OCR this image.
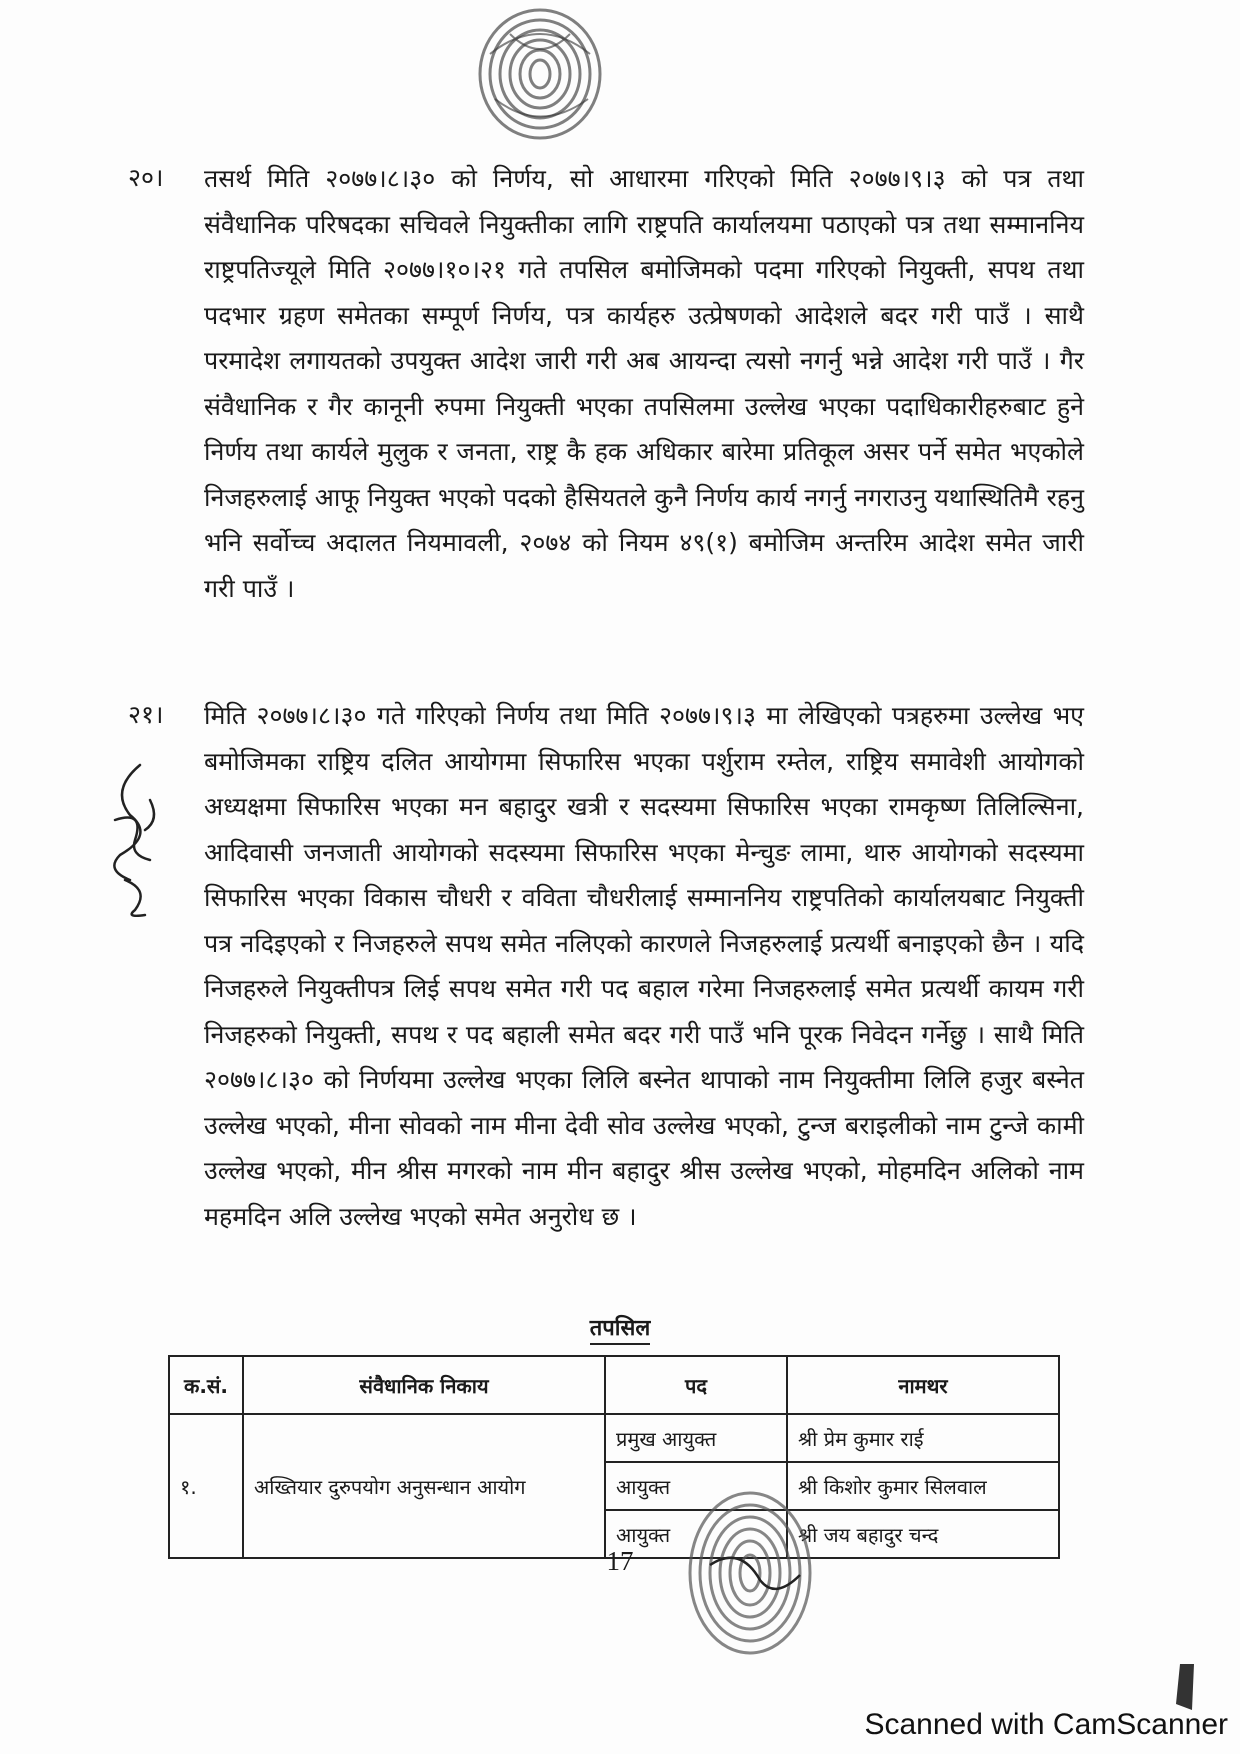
२०। तसर्थ मिति २०७७।८।३० को निर्णय, सो आधारमा गरिएको मिति २०७७।९।३ को पत्र तथा संवैधानिक परिषदका सचिवले नियुक्तीका लागि राष्ट्रपति कार्यालयमा पठाएको पत्र तथा सम्माननिय राष्ट्रपतिज्यूले मिति २०७७।१०।२१ गते तपसिल बमोजिमको पदमा गरिएको नियुक्ती, सपथ तथा पदभार ग्रहण समेतका सम्पूर्ण निर्णय, पत्र कार्यहरु उत्प्रेषणको आदेशले बदर गरी पाउँ । साथै परमादेश लगायतको उपयुक्त आदेश जारी गरी अब आयन्दा त्यसो नगर्नु भन्ने आदेश गरी पाउँ । गैर संवैधानिक र गैर कानूनी रुपमा नियुक्ती भएका तपसिलमा उल्लेख भएका पदाधिकारीहरुबाट हुने निर्णय तथा कार्यले मुलुक र जनता, राष्ट्र कै हक अधिकार बारेमा प्रतिकूल असर पर्ने समेत भएकोले निजहरुलाई आफू नियुक्त भएको पदको हैसियतले कुनै निर्णय कार्य नगर्नु नगराउनु यथास्थितिमै रहनु भनि सर्वोच्च अदालत नियमावली, २०७४ को नियम ४९(१) बमोजिम अन्तरिम आदेश समेत जारी गरी पाउँ ।
२१। मिति २०७७।८।३० गते गरिएको निर्णय तथा मिति २०७७।९।३ मा लेखिएको पत्रहरुमा उल्लेख भए बमोजिमका राष्ट्रिय दलित आयोगमा सिफारिस भएका पर्शुराम रम्तेल, राष्ट्रिय समावेशी आयोगको अध्यक्षमा सिफारिस भएका मन बहादुर खत्री र सदस्यमा सिफारिस भएका रामकृष्ण तिलिल्सिना, आदिवासी जनजाती आयोगको सदस्यमा सिफारिस भएका मेन्चुङ लामा, थारु आयोगको सदस्यमा सिफारिस भएका विकास चौधरी र वविता चौधरीलाई सम्माननिय राष्ट्रपतिको कार्यालयबाट नियुक्ती पत्र नदिइएको र निजहरुले सपथ समेत नलिएको कारणले निजहरुलाई प्रत्यर्थी बनाइएको छैन । यदि निजहरुले नियुक्तीपत्र लिई सपथ समेत गरी पद बहाल गरेमा निजहरुलाई समेत प्रत्यर्थी कायम गरी निजहरुको नियुक्ती, सपथ र पद बहाली समेत बदर गरी पाउँ भनि पूरक निवेदन गर्नेछु । साथै मिति २०७७।८।३० को निर्णयमा उल्लेख भएका लिलि बस्नेत थापाको नाम नियुक्तीमा लिलि हजुर बस्नेत उल्लेख भएको, मीना सोवको नाम मीना देवी सोव उल्लेख भएको, टुन्ज बराइलीको नाम टुन्जे कामी उल्लेख भएको, मीन श्रीस मगरको नाम मीन बहादुर श्रीस उल्लेख भएको, मोहमदिन अलिको नाम महमदिन अलि उल्लेख भएको समेत अनुरोध छ ।
तपसिल
क.सं.	संवैधानिक निकाय	पद	नामथर
१.	अख्तियार दुरुपयोग अनुसन्धान आयोग	प्रमुख आयुक्त	श्री प्रेम कुमार राई
		आयुक्त	श्री किशोर कुमार सिलवाल
		आयुक्त	श्री जय बहादुर चन्द
17
Scanned with CamScanner
